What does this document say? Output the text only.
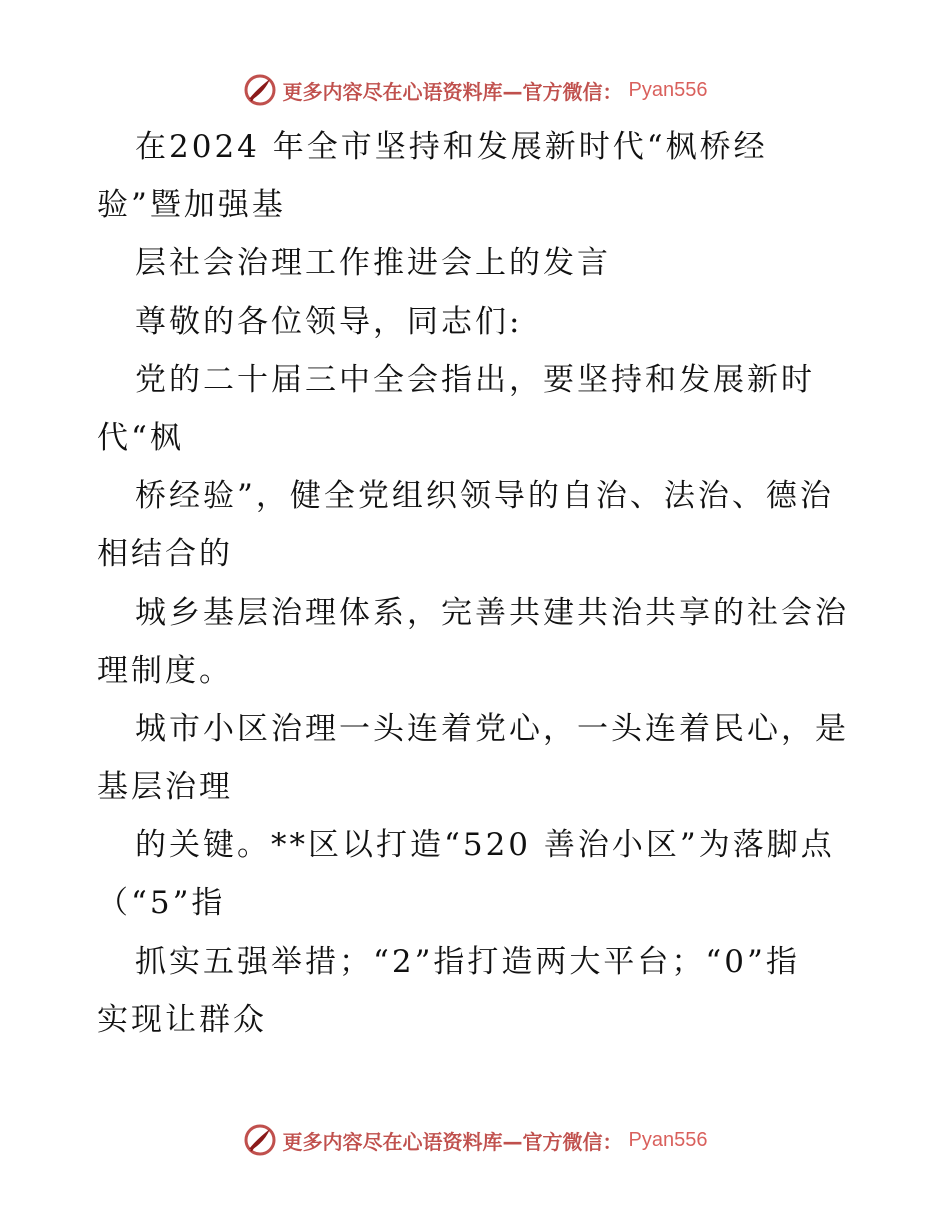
更多内容尽在心语资料库—官方微信： Pyan556
在2024 年全市坚持和发展新时代“枫桥经
验”暨加强基
层社会治理工作推进会上的发言
尊敬的各位领导，同志们:
党的二十届三中全会指出，要坚持和发展新时
代“枫
桥经验”，健全党组织领导的自治、法治、德治
相结合的
城乡基层治理体系，完善共建共治共享的社会治
理制度。
城市小区治理一头连着党心，一头连着民心，是
基层治理
的关键。**区以打造“520 善治小区”为落脚点
（“5”指
抓实五强举措；“2”指打造两大平台；“0”指
实现让群众
更多内容尽在心语资料库—官方微信： Pyan556
